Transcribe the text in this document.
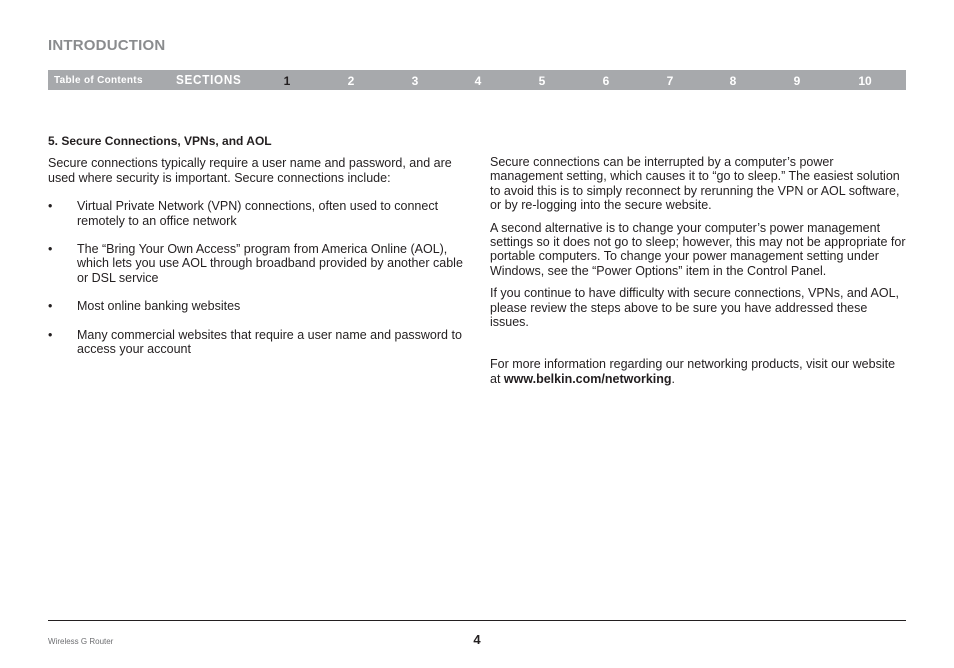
INTRODUCTION
Table of Contents	SECTIONS	1	2	3	4	5	6	7	8	9	10
5. Secure Connections, VPNs, and AOL

Secure connections typically require a user name and password, and are used where security is important. Secure connections include:

• Virtual Private Network (VPN) connections, often used to connect remotely to an office network
• The “Bring Your Own Access” program from America Online (AOL), which lets you use AOL through broadband provided by another cable or DSL service
• Most online banking websites
• Many commercial websites that require a user name and password to access your account

Secure connections can be interrupted by a computer’s power management setting, which causes it to “go to sleep.” The easiest solution to avoid this is to simply reconnect by rerunning the VPN or AOL software, or by re-logging into the secure website.

A second alternative is to change your computer’s power management settings so it does not go to sleep; however, this may not be appropriate for portable computers. To change your power management setting under Windows, see the “Power Options” item in the Control Panel.

If you continue to have difficulty with secure connections, VPNs, and AOL, please review the steps above to be sure you have addressed these issues.

For more information regarding our networking products, visit our website at www.belkin.com/networking.

Wireless G Router	4
